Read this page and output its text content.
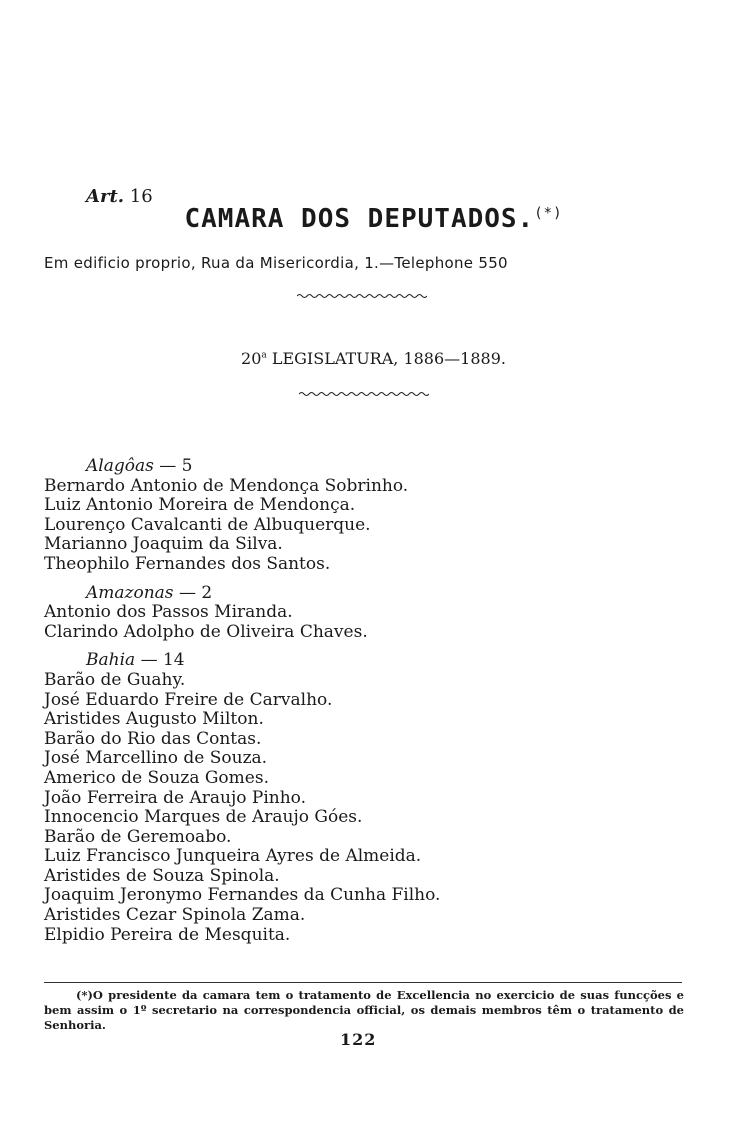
Art. 16
CAMARA DOS DEPUTADOS.(*)
Em edificio proprio, Rua da Misericordia, 1.—Telephone 550
20$^a$ LEGISLATURA, 1886—1889.
Alagôas — 5
Bernardo Antonio de Mendonça Sobrinho.
Luiz Antonio Moreira de Mendonça.
Lourenço Cavalcanti de Albuquerque.
Marianno Joaquim da Silva.
Theophilo Fernandes dos Santos.
Amazonas — 2
Antonio dos Passos Miranda.
Clarindo Adolpho de Oliveira Chaves.
Bahia — 14
Barão de Guahy.
José Eduardo Freire de Carvalho.
Aristides Augusto Milton.
Barão do Rio das Contas.
José Marcellino de Souza.
Americo de Souza Gomes.
João Ferreira de Araujo Pinho.
Innocencio Marques de Araujo Góes.
Barão de Geremoabo.
Luiz Francisco Junqueira Ayres de Almeida.
Aristides de Souza Spinola.
Joaquim Jeronymo Fernandes da Cunha Filho.
Aristides Cezar Spinola Zama.
Elpidio Pereira de Mesquita.
(*)O presidente da camara tem o tratamento de Excellencia no exercicio de suas funcções e bem assim o 1º secretario na correspondencia official, os demais membros têm o tratamento de Senhoria.
122
